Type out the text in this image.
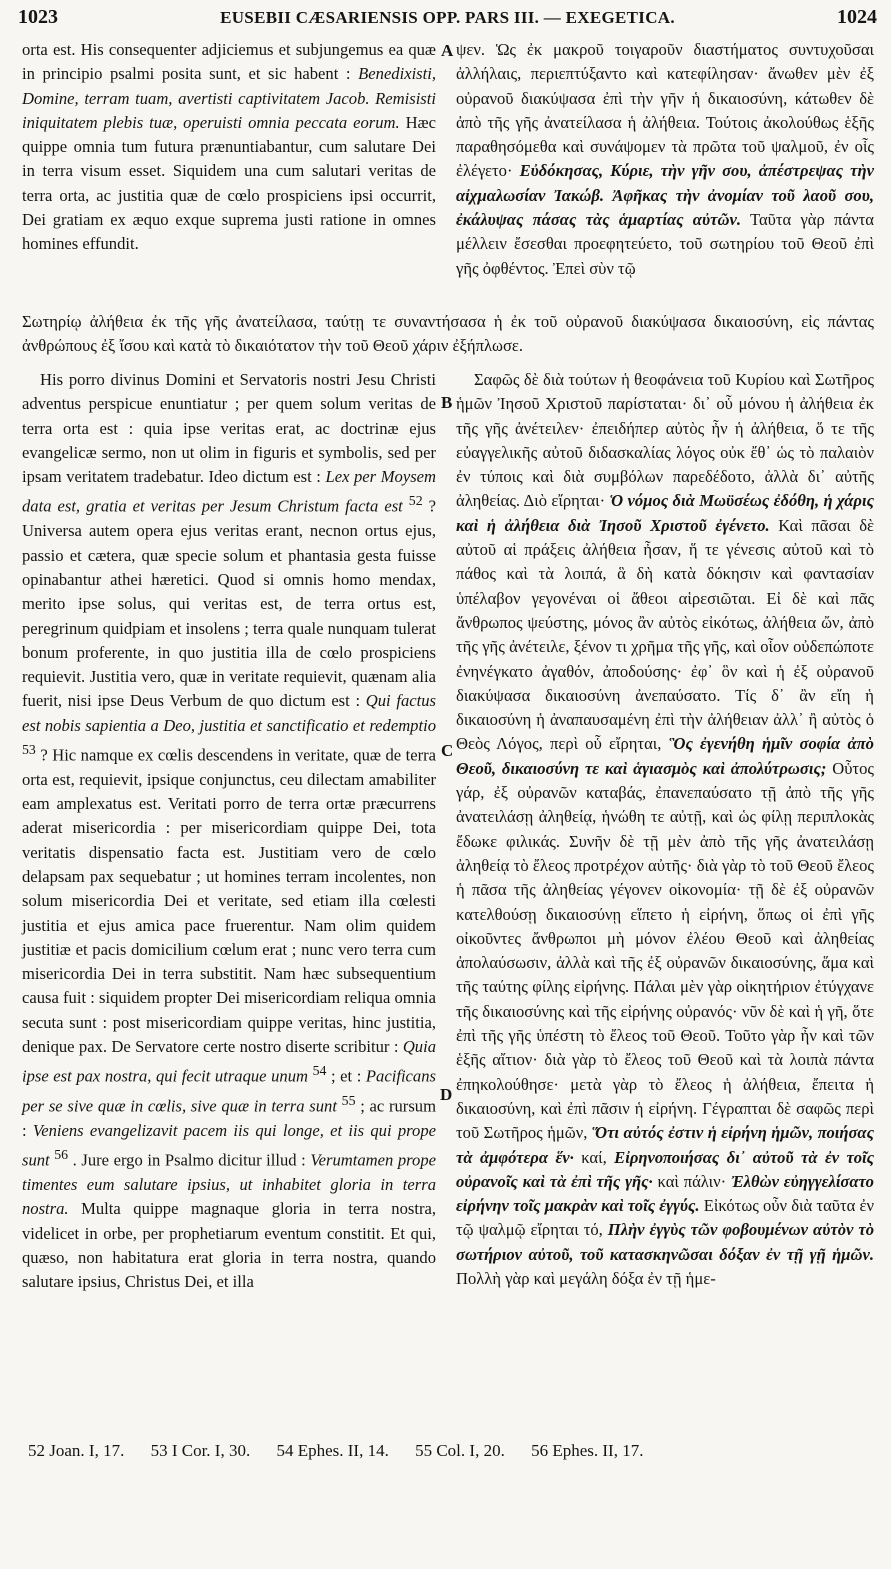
1023	EUSEBII CÆSARIENSIS OPP. PARS III. — EXEGETICA.	1024
A
B
C
D

orta est. His consequenter adjiciemus et subjungemus ea quæ in principio psalmi posita sunt, et sic habent : Benedixisti, Domine, terram tuam, avertisti captivitatem Jacob. Remisisti iniquitatem plebis tuæ, operuisti omnia peccata eorum. Hæc quippe omnia tum futura prænuntiabantur, cum salutare Dei in terra visum esset. Siquidem una cum salutari veritas de terra orta, ac justitia quæ de cœlo prospiciens ipsi occurrit, Dei gratiam ex æquo exque suprema justi ratione in omnes homines effundit.

ψεν. Ὡς ἐκ μακροῦ τοιγαροῦν διαστήματος συντυχοῦσαι ἀλλήλαις, περιεπτύξαντο καὶ κατεφίλησαν· ἄνωθεν μὲν ἐξ οὐρανοῦ διακύψασα ἐπὶ τὴν γῆν ἡ δικαιοσύνη, κάτωθεν δὲ ἀπὸ τῆς γῆς ἀνατείλασα ἡ ἀλήθεια. Τούτοις ἀκολούθως ἑξῆς παραθησόμεθα καὶ συνάψομεν τὰ πρῶτα τοῦ ψαλμοῦ, ἐν οἷς ἐλέγετο· Εὐδόκησας, Κύριε, τὴν γῆν σου, ἀπέστρεψας τὴν αἰχμαλωσίαν Ἰακώβ. Ἀφῆκας τὴν ἀνομίαν τοῦ λαοῦ σου, ἐκάλυψας πάσας τὰς ἁμαρτίας αὐτῶν. Ταῦτα γὰρ πάντα μέλλειν ἔσεσθαι προεφητεύετο, τοῦ σωτηρίου τοῦ Θεοῦ ἐπὶ γῆς ὀφθέντος. Ἐπεὶ σὺν τῷ

Σωτηρίῳ ἀλήθεια ἐκ τῆς γῆς ἀνατείλασα, ταύτῃ τε συναντήσασα ἡ ἐκ τοῦ οὐρανοῦ διακύψασα δικαιοσύνη, εἰς πάντας ἀνθρώπους ἐξ ἴσου καὶ κατὰ τὸ δικαιότατον τὴν τοῦ Θεοῦ χάριν ἐξήπλωσε.

His porro divinus Domini et Servatoris nostri Jesu Christi adventus perspicue enuntiatur ; per quem solum veritas de terra orta est : quia ipse veritas erat, ac doctrinæ ejus evangelicæ sermo, non ut olim in figuris et symbolis, sed per ipsam veritatem tradebatur. Ideo dictum est : Lex per Moysem data est, gratia et veritas per Jesum Christum facta est $^{52}$ ? Universa autem opera ejus veritas erant, necnon ortus ejus, passio et cætera, quæ specie solum et phantasia gesta fuisse opinabantur athei hæretici. Quod si omnis homo mendax, merito ipse solus, qui veritas est, de terra ortus est, peregrinum quidpiam et insolens ; terra quale nunquam tulerat bonum proferente, in quo justitia illa de cœlo prospiciens requievit. Justitia vero, quæ in veritate requievit, quænam alia fuerit, nisi ipse Deus Verbum de quo dictum est : Qui factus est nobis sapientia a Deo, justitia et sanctificatio et redemptio $^{53}$ ? Hic namque ex cœlis descendens in veritate, quæ de terra orta est, requievit, ipsique conjunctus, ceu dilectam amabiliter eam amplexatus est. Veritati porro de terra ortæ præcurrens aderat misericordia : per misericordiam quippe Dei, tota veritatis dispensatio facta est. Justitiam vero de cœlo delapsam pax sequebatur ; ut homines terram incolentes, non solum misericordia Dei et veritate, sed etiam illa cœlesti justitia et ejus amica pace fruerentur. Nam olim quidem justitiæ et pacis domicilium cœlum erat ; nunc vero terra cum misericordia Dei in terra substitit. Nam hæc subsequentium causa fuit : siquidem propter Dei misericordiam reliqua omnia secuta sunt : post misericordiam quippe veritas, hinc justitia, denique pax. De Servatore certe nostro diserte scribitur : Quia ipse est pax nostra, qui fecit utraque unum $^{54}$ ; et : Pacificans per se sive quæ in cœlis, sive quæ in terra sunt $^{55}$ ; ac rursum : Veniens evangelizavit pacem iis qui longe, et iis qui prope sunt $^{56}$ . Jure ergo in Psalmo dicitur illud : Verumtamen prope timentes eum salutare ipsius, ut inhabitet gloria in terra nostra. Multa quippe magnaque gloria in terra nostra, videlicet in orbe, per prophetiarum eventum constitit. Et qui, quæso, non habitatura erat gloria in terra nostra, quando salutare ipsius, Christus Dei, et illa

Σαφῶς δὲ διὰ τούτων ἡ θεοφάνεια τοῦ Κυρίου καὶ Σωτῆρος ἡμῶν Ἰησοῦ Χριστοῦ παρίσταται· δι᾿ οὗ μόνου ἡ ἀλήθεια ἐκ τῆς γῆς ἀνέτειλεν· ἐπειδήπερ αὐτὸς ἦν ἡ ἀλήθεια, ὅ τε τῆς εὐαγγελικῆς αὐτοῦ διδασκαλίας λόγος οὐκ ἔθ᾿ ὡς τὸ παλαιὸν ἐν τύποις καὶ διὰ συμβόλων παρεδέδοτο, ἀλλὰ δι᾿ αὐτῆς ἀληθείας. Διὸ εἴρηται· Ὁ νόμος διὰ Μωϋσέως ἐδόθη, ἡ χάρις καὶ ἡ ἀλήθεια διὰ Ἰησοῦ Χριστοῦ ἐγένετο. Καὶ πᾶσαι δὲ αὐτοῦ αἱ πράξεις ἀλήθεια ἦσαν, ἥ τε γένεσις αὐτοῦ καὶ τὸ πάθος καὶ τὰ λοιπά, ἃ δὴ κατὰ δόκησιν καὶ φαντασίαν ὑπέλαβον γεγονέναι οἱ ἄθεοι αἱρεσιῶται. Εἰ δὲ καὶ πᾶς ἄνθρωπος ψεύστης, μόνος ἂν αὐτὸς εἰκότως, ἀλήθεια ὤν, ἀπὸ τῆς γῆς ἀνέτειλε, ξένον τι χρῆμα τῆς γῆς, καὶ οἷον οὐδεπώποτε ἐνηνέγκατο ἀγαθόν, ἀποδούσης· ἐφ᾿ ὃν καὶ ἡ ἐξ οὐρανοῦ διακύψασα δικαιοσύνη ἀνεπαύσατο. Τίς δ᾿ ἂν εἴη ἡ δικαιοσύνη ἡ ἀναπαυσαμένη ἐπὶ τὴν ἀλήθειαν ἀλλ᾿ ἢ αὐτὸς ὁ Θεὸς Λόγος, περὶ οὗ εἴρηται, Ὃς ἐγενήθη ἡμῖν σοφία ἀπὸ Θεοῦ, δικαιοσύνη τε καὶ ἁγιασμὸς καὶ ἀπολύτρωσις; Οὗτος γάρ, ἐξ οὐρανῶν καταβάς, ἐπανεπαύσατο τῇ ἀπὸ τῆς γῆς ἀνατειλάσῃ ἀληθείᾳ, ἡνώθη τε αὐτῇ, καὶ ὡς φίλῃ περιπλοκὰς ἔδωκε φιλικάς. Συνῆν δὲ τῇ μὲν ἀπὸ τῆς γῆς ἀνατειλάσῃ ἀληθείᾳ τὸ ἔλεος προτρέχον αὐτῆς· διὰ γὰρ τὸ τοῦ Θεοῦ ἔλεος ἡ πᾶσα τῆς ἀληθείας γέγονεν οἰκονομία· τῇ δὲ ἐξ οὐρανῶν κατελθούσῃ δικαιοσύνῃ εἵπετο ἡ εἰρήνη, ὅπως οἱ ἐπὶ γῆς οἰκοῦντες ἄνθρωποι μὴ μόνον ἐλέου Θεοῦ καὶ ἀληθείας ἀπολαύσωσιν, ἀλλὰ καὶ τῆς ἐξ οὐρανῶν δικαιοσύνης, ἅμα καὶ τῆς ταύτης φίλης εἰρήνης. Πάλαι μὲν γὰρ οἰκητήριον ἐτύγχανε τῆς δικαιοσύνης καὶ τῆς εἰρήνης οὐρανός· νῦν δὲ καὶ ἡ γῆ, ὅτε ἐπὶ τῆς γῆς ὑπέστη τὸ ἔλεος τοῦ Θεοῦ. Τοῦτο γὰρ ἦν καὶ τῶν ἑξῆς αἴτιον· διὰ γὰρ τὸ ἔλεος τοῦ Θεοῦ καὶ τὰ λοιπὰ πάντα ἐπηκολούθησε· μετὰ γὰρ τὸ ἔλεος ἡ ἀλήθεια, ἔπειτα ἡ δικαιοσύνη, καὶ ἐπὶ πᾶσιν ἡ εἰρήνη. Γέγραπται δὲ σαφῶς περὶ τοῦ Σωτῆρος ἡμῶν, Ὅτι αὐτός ἐστιν ἡ εἰρήνη ἡμῶν, ποιήσας τὰ ἀμφότερα ἕν· καί, Εἰρηνοποιήσας δι᾿ αὐτοῦ τὰ ἐν τοῖς οὐρανοῖς καὶ τὰ ἐπὶ τῆς γῆς· καὶ πάλιν· Ἐλθὼν εὐηγγελίσατο εἰρήνην τοῖς μακρὰν καὶ τοῖς ἐγγύς. Εἰκότως οὖν διὰ ταῦτα ἐν τῷ ψαλμῷ εἴρηται τό, Πλὴν ἐγγὺς τῶν φοβουμένων αὐτὸν τὸ σωτήριον αὐτοῦ, τοῦ κατασκηνῶσαι δόξαν ἐν τῇ γῇ ἡμῶν. Πολλὴ γὰρ καὶ μεγάλη δόξα ἐν τῇ ἡμε-

52 Joan. I, 17. 53 I Cor. I, 30. 54 Ephes. II, 14. 55 Col. I, 20. 56 Ephes. II, 17.
